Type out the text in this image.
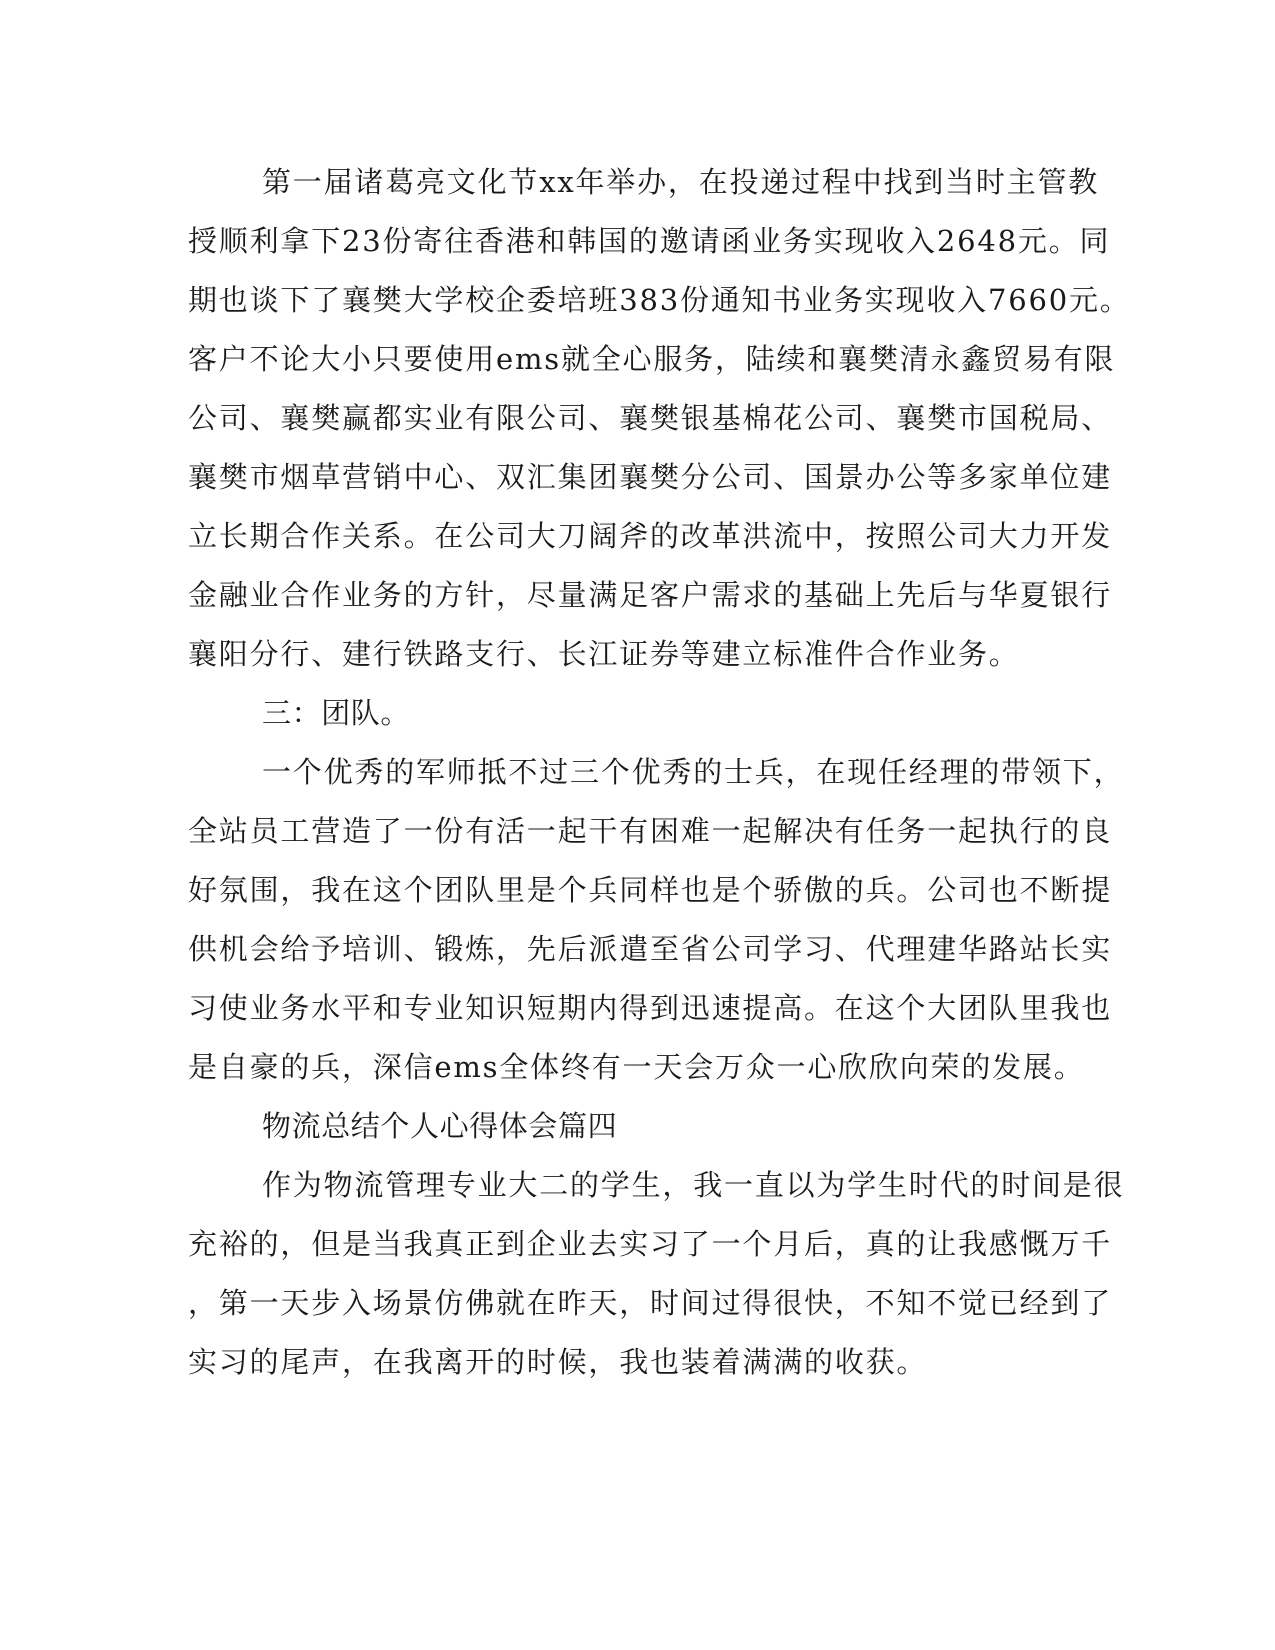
第一届诸葛亮文化节xx年举办，在投递过程中找到当时主管教
授顺利拿下23份寄往香港和韩国的邀请函业务实现收入2648元。同
期也谈下了襄樊大学校企委培班383份通知书业务实现收入7660元。
客户不论大小只要使用ems就全心服务，陆续和襄樊清永鑫贸易有限
公司、襄樊赢都实业有限公司、襄樊银基棉花公司、襄樊市国税局、
襄樊市烟草营销中心、双汇集团襄樊分公司、国景办公等多家单位建
立长期合作关系。在公司大刀阔斧的改革洪流中，按照公司大力开发
金融业合作业务的方针，尽量满足客户需求的基础上先后与华夏银行
襄阳分行、建行铁路支行、长江证券等建立标准件合作业务。
三：团队。
一个优秀的军师抵不过三个优秀的士兵，在现任经理的带领下，
全站员工营造了一份有活一起干有困难一起解决有任务一起执行的良
好氛围，我在这个团队里是个兵同样也是个骄傲的兵。公司也不断提
供机会给予培训、锻炼，先后派遣至省公司学习、代理建华路站长实
习使业务水平和专业知识短期内得到迅速提高。在这个大团队里我也
是自豪的兵，深信ems全体终有一天会万众一心欣欣向荣的发展。
物流总结个人心得体会篇四
作为物流管理专业大二的学生，我一直以为学生时代的时间是很
充裕的，但是当我真正到企业去实习了一个月后，真的让我感慨万千
，第一天步入场景仿佛就在昨天，时间过得很快，不知不觉已经到了
实习的尾声，在我离开的时候，我也装着满满的收获。
